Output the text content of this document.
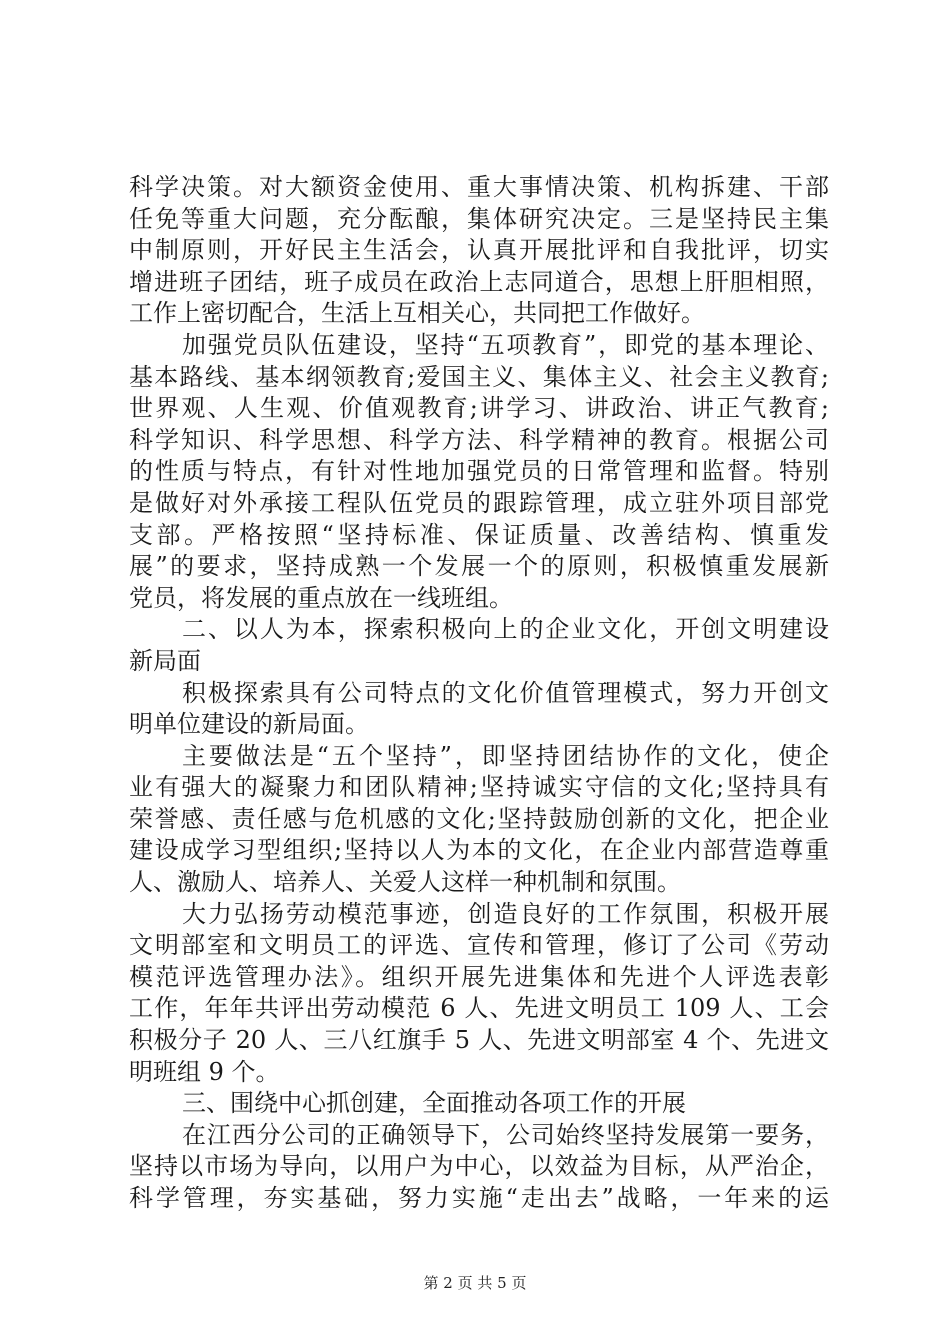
科学决策。对大额资金使用、重大事情决策、机构拆建、干部
任免等重大问题，充分酝酿，集体研究决定。三是坚持民主集
中制原则，开好民主生活会，认真开展批评和自我批评，切实
增进班子团结，班子成员在政治上志同道合，思想上肝胆相照，
工作上密切配合，生活上互相关心，共同把工作做好。
加强党员队伍建设，坚持“五项教育”，即党的基本理论、
基本路线、基本纲领教育;爱国主义、集体主义、社会主义教育;
世界观、人生观、价值观教育;讲学习、讲政治、讲正气教育;
科学知识、科学思想、科学方法、科学精神的教育。根据公司
的性质与特点，有针对性地加强党员的日常管理和监督。特别
是做好对外承接工程队伍党员的跟踪管理，成立驻外项目部党
支部。严格按照“坚持标准、保证质量、改善结构、慎重发
展”的要求，坚持成熟一个发展一个的原则，积极慎重发展新
党员，将发展的重点放在一线班组。
二、以人为本，探索积极向上的企业文化，开创文明建设
新局面
积极探索具有公司特点的文化价值管理模式，努力开创文
明单位建设的新局面。
主要做法是“五个坚持”，即坚持团结协作的文化，使企
业有强大的凝聚力和团队精神;坚持诚实守信的文化;坚持具有
荣誉感、责任感与危机感的文化;坚持鼓励创新的文化，把企业
建设成学习型组织;坚持以人为本的文化，在企业内部营造尊重
人、激励人、培养人、关爱人这样一种机制和氛围。
大力弘扬劳动模范事迹，创造良好的工作氛围，积极开展
文明部室和文明员工的评选、宣传和管理，修订了公司《劳动
模范评选管理办法》。组织开展先进集体和先进个人评选表彰
工作，年年共评出劳动模范 6 人、先进文明员工 109 人、工会
积极分子 20 人、三八红旗手 5 人、先进文明部室 4 个、先进文
明班组 9 个。
三、围绕中心抓创建，全面推动各项工作的开展
在江西分公司的正确领导下，公司始终坚持发展第一要务，
坚持以市场为导向，以用户为中心，以效益为目标，从严治企，
科学管理，夯实基础，努力实施“走出去”战略，一年来的运
第 2 页 共 5 页
